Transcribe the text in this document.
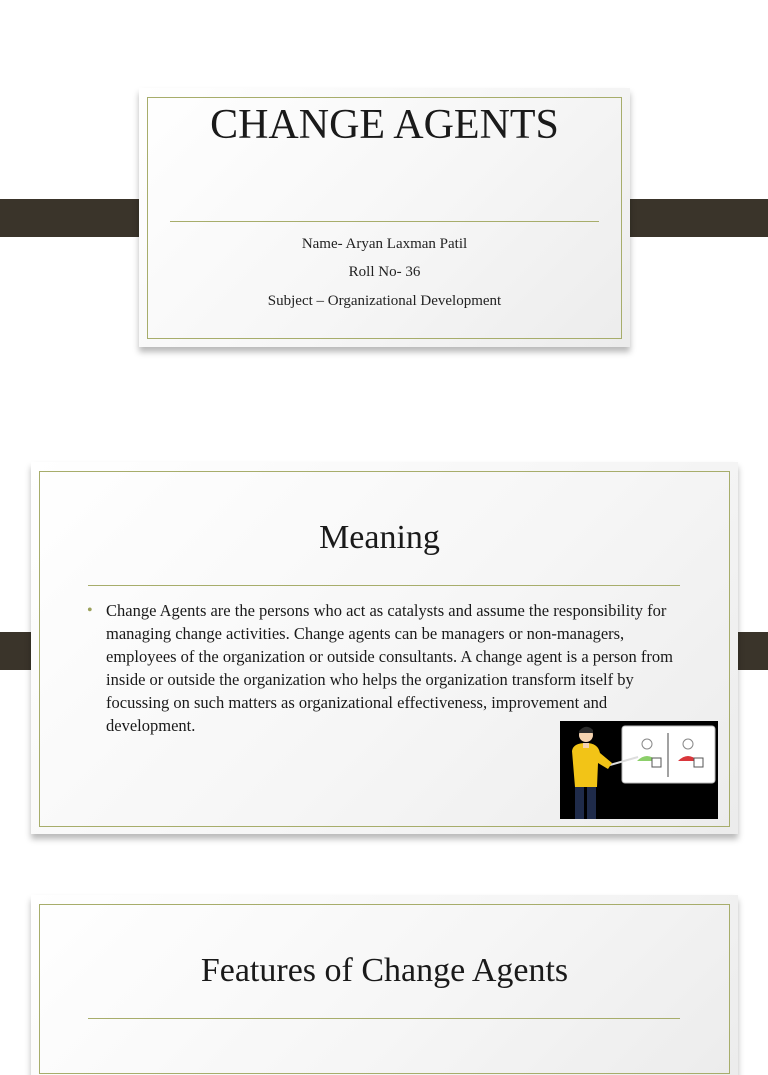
CHANGE AGENTS
Name- Aryan Laxman Patil
Roll No- 36
Subject – Organizational Development
Meaning
• Change Agents are the persons who act as catalysts and assume the responsibility for managing change activities. Change agents can be managers or non-managers, employees of the organization or outside consultants. A change agent is a person from inside or outside the organization who helps the organization transform itself by focussing on such matters as organizational effectiveness, improvement and development.
Features of Change Agents
